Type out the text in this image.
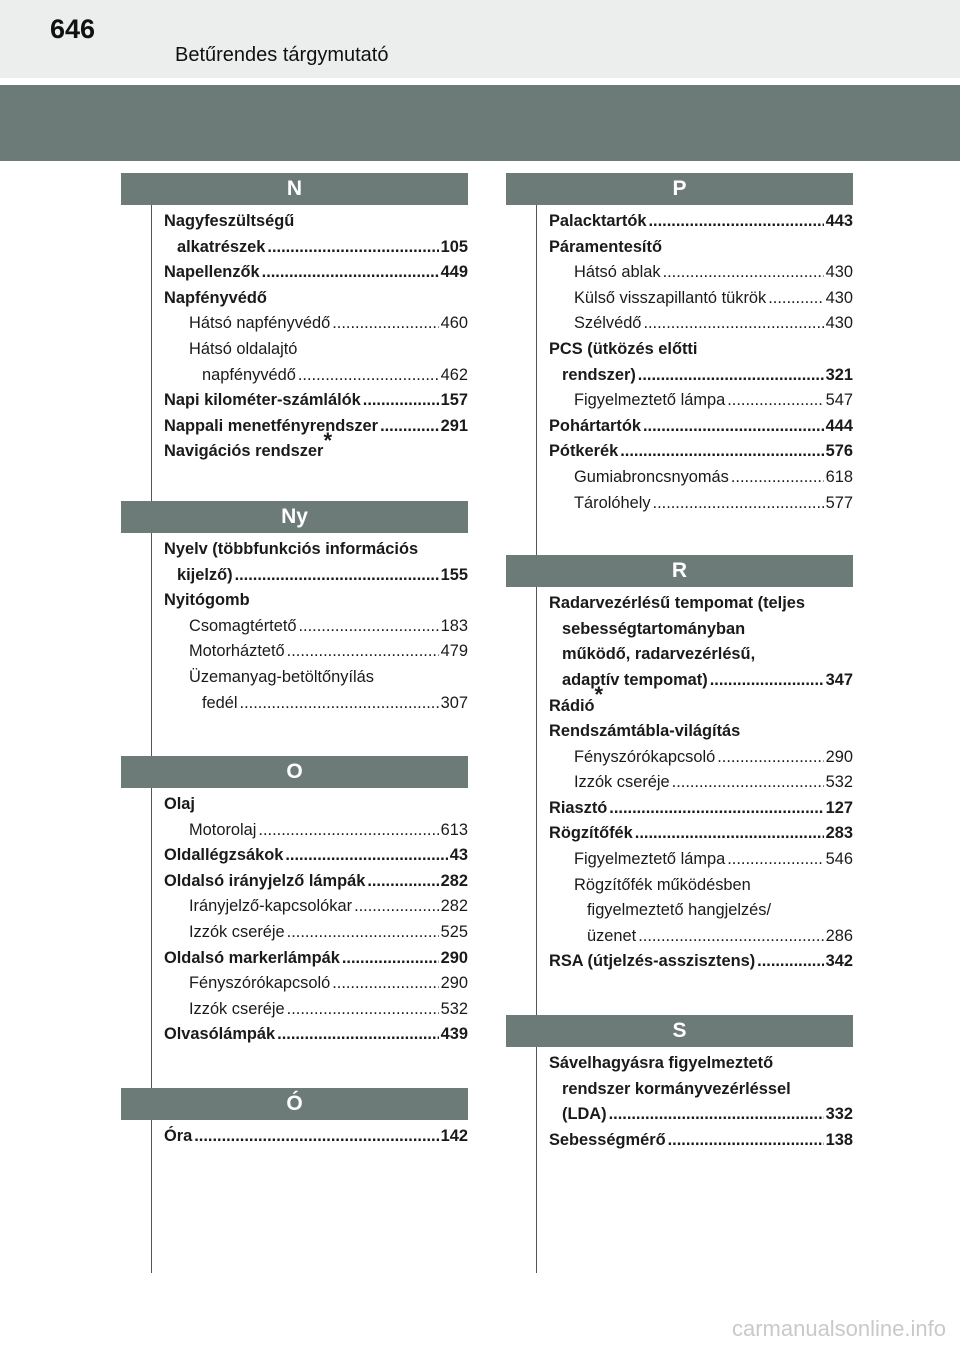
646
Betűrendes tárgymutató
N
Nagyfeszültségű
alkatrészek .....	105
Napellenzők .....	449
Napfényvédő
Hátsó napfényvédő .....	460
Hátsó oldalajtó
napfényvédő .....	462
Napi kilométer-számlálók .....	157
Nappali menetfényrendszer .....	291
Navigációs rendszer*
Ny
Nyelv (többfunkciós információs
kijelző) .....	155
Nyitógomb
Csomagtértető .....	183
Motorháztető .....	479
Üzemanyag-betöltőnyílás
fedél .....	307
O
Olaj
Motorolaj .....	613
Oldallégzsákok .....	43
Oldalsó irányjelző lámpák .....	282
Irányjelző-kapcsolókar .....	282
Izzók cseréje .....	525
Oldalsó markerlámpák .....	290
Fényszórókapcsoló .....	290
Izzók cseréje .....	532
Olvasólámpák .....	439
Ó
Óra .....	142
P
Palacktartók .....	443
Páramentesítő
Hátsó ablak .....	430
Külső visszapillantó tükrök .....	430
Szélvédő .....	430
PCS (ütközés előtti
rendszer) .....	321
Figyelmeztető lámpa .....	547
Pohártartók .....	444
Pótkerék .....	576
Gumiabroncsnyomás .....	618
Tárolóhely .....	577
R
Radarvezérlésű tempomat (teljes
sebességtartományban
működő, radarvezérlésű,
adaptív tempomat) .....	347
Rádió*
Rendszámtábla-világítás
Fényszórókapcsoló .....	290
Izzók cseréje .....	532
Riasztó .....	127
Rögzítőfék .....	283
Figyelmeztető lámpa .....	546
Rögzítőfék működésben
figyelmeztető hangjelzés/
üzenet .....	286
RSA (útjelzés-asszisztens) .....	342
S
Sávelhagyásra figyelmeztető
rendszer kormányvezérléssel
(LDA) .....	332
Sebességmérő .....	138
carmanualsonline.info
